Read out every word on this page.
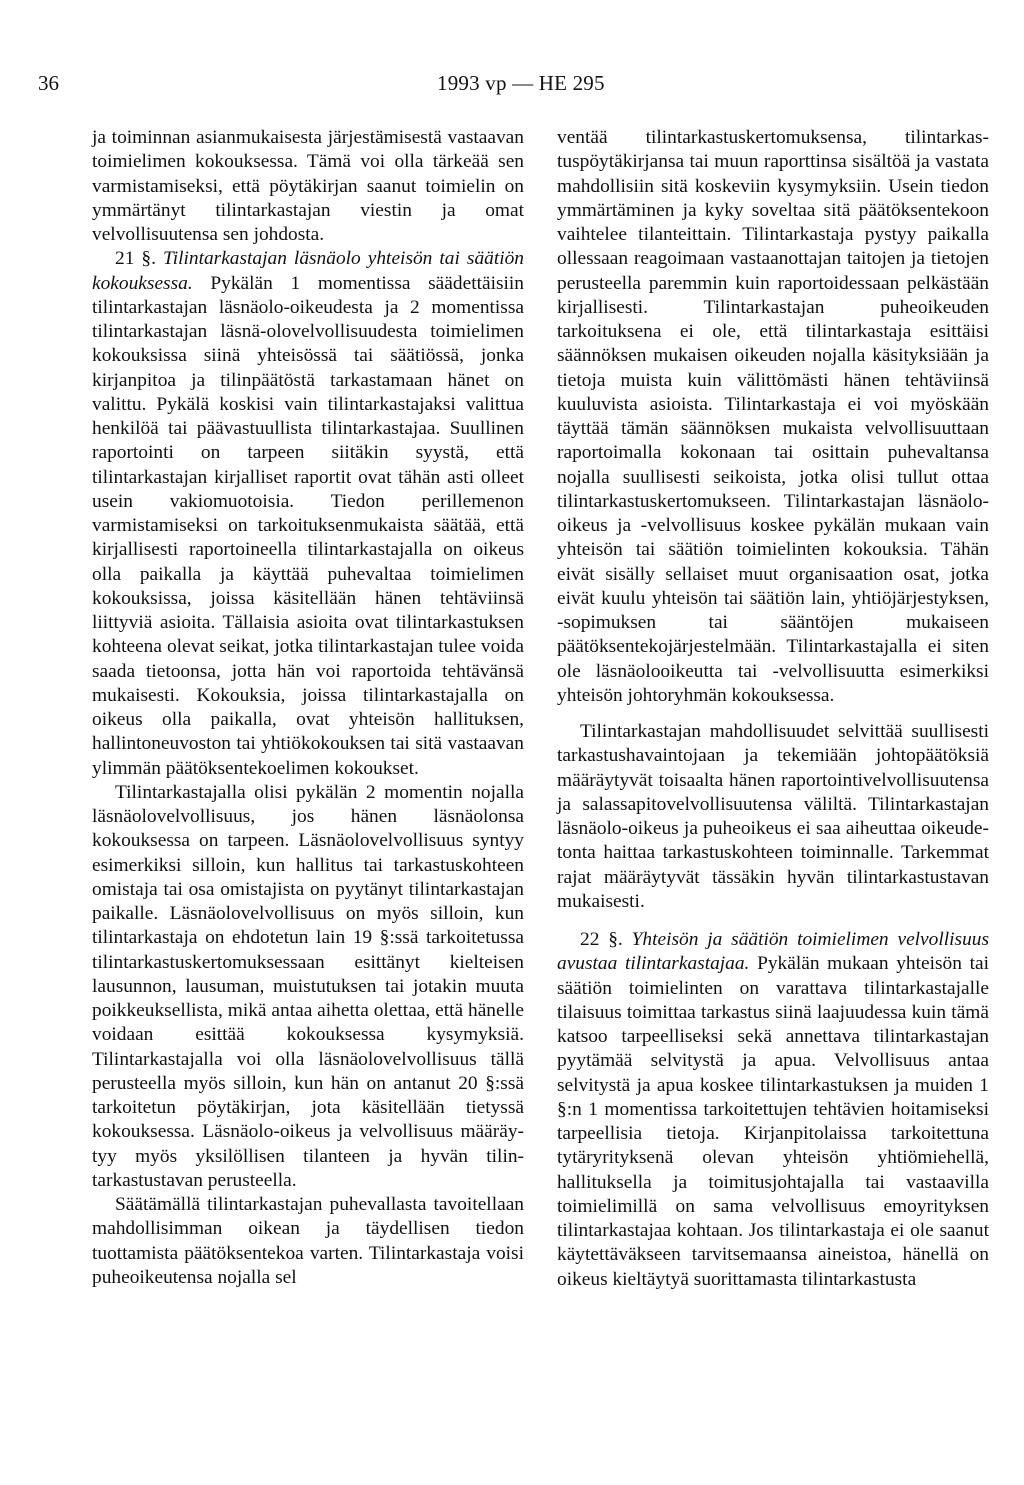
36	1993 vp — HE 295

ja toiminnan asianmukaisesta järjestämisestä vastaavan toimielimen kokouksessa. Tämä voi olla tärkeää sen varmistamiseksi, että pöytäkirjan saanut toimielin on ymmärtänyt tilintarkastajan viestin ja omat velvollisuutensa sen johdosta.

21 §. Tilintarkastajan läsnäolo yhteisön tai säätiön kokouksessa. Pykälän 1 momentissa säädettäisiin tilintarkastajan läsnäolo-oikeudesta ja 2 momentissa tilintarkastajan läsnä-olovelvollisuudesta toimielimen kokouksissa siinä yhteisössä tai säätiössä, jonka kirjanpitoa ja tilinpäätöstä tarkastamaan hänet on valittu. Pykälä koskisi vain tilintarkastajaksi valittua henkilöä tai päävastuullista tilintarkastajaa. Suullinen raportointi on tarpeen siitäkin syystä, että tilintarkastajan kirjalliset raportit ovat tähän asti olleet usein vakiomuotoisia. Tiedon perillemenon varmistamiseksi on tarkoituksenmukaista säätää, että kirjallisesti raportoineella tilintarkastajalla on oikeus olla paikalla ja käyttää puhevaltaa toimielimen kokouksissa, joissa käsitellään hänen tehtäviinsä liittyviä asioita. Tällaisia asioita ovat tilintarkastuksen kohteena olevat seikat, jotka tilintarkastajan tulee voida saada tietoonsa, jotta hän voi raportoida tehtävänsä mukaisesti. Kokouksia, joissa tilintarkastajalla on oikeus olla paikalla, ovat yhteisön hallituksen, hallintoneuvoston tai yhtiökokouksen tai sitä vastaavan ylimmän päätöksentekoelimen kokoukset.

Tilintarkastajalla olisi pykälän 2 momentin nojalla läsnäolovelvollisuus, jos hänen läsnäolonsa kokouksessa on tarpeen. Läsnäolovelvollisuus syntyy esimerkiksi silloin, kun hallitus tai tarkastuskohteen omistaja tai osa omistajista on pyytänyt tilintarkastajan paikalle. Läsnäolovelvollisuus on myös silloin, kun tilintarkastaja on ehdotetun lain 19 §:ssä tarkoitetussa tilintarkastuskertomuksessaan esittänyt kielteisen lausunnon, lausuman, muistutuksen tai jotakin muuta poikkeuksellista, mikä antaa aihetta olettaa, että hänelle voidaan esittää kokouksessa kysymyksiä. Tilintarkastajalla voi olla läsnäolovelvollisuus tällä perusteella myös silloin, kun hän on antanut 20 §:ssä tarkoitetun pöytäkirjan, jota käsitellään tietyssä kokouksessa. Läsnäolo-oikeus ja velvollisuus määräytyy myös yksilöllisen tilanteen ja hyvän tilintarkastustavan perusteella.

Säätämällä tilintarkastajan puhevallasta tavoitellaan mahdollisimman oikean ja täydellisen tiedon tuottamista päätöksentekoa varten. Tilintarkastaja voisi puheoikeutensa nojalla sel

ventää tilintarkastuskertomuksensa, tilintarkastuspöytäkirjansa tai muun raporttinsa sisältöä ja vastata mahdollisiin sitä koskeviin kysymyksiin. Usein tiedon ymmärtäminen ja kyky soveltaa sitä päätöksentekoon vaihtelee tilanteittain. Tilintarkastaja pystyy paikalla ollessaan reagoimaan vastaanottajan taitojen ja tietojen perusteella paremmin kuin raportoidessaan pelkästään kirjallisesti. Tilintarkastajan puheoikeuden tarkoituksena ei ole, että tilintarkastaja esittäisi säännöksen mukaisen oikeuden nojalla käsityksiään ja tietoja muista kuin välittömästi hänen tehtäviinsä kuuluvista asioista. Tilintarkastaja ei voi myöskään täyttää tämän säännöksen mukaista velvollisuuttaan raportoimalla kokonaan tai osittain puhevaltansa nojalla suullisesti seikoista, jotka olisi tullut ottaa tilintarkastuskertomukseen. Tilintarkastajan läsnäolo-oikeus ja -velvollisuus koskee pykälän mukaan vain yhteisön tai säätiön toimielinten kokouksia. Tähän eivät sisälly sellaiset muut organisaation osat, jotka eivät kuulu yhteisön tai säätiön lain, yhtiöjärjestyksen, -sopimuksen tai sääntöjen mukaiseen päätöksentekojärjestelmään. Tilintarkastajalla ei siten ole läsnäolooikeutta tai -velvollisuutta esimerkiksi yhteisön johtoryhmän kokouksessa.

Tilintarkastajan mahdollisuudet selvittää suullisesti tarkastushavaintojaan ja tekemiään johtopäätöksiä määräytyvät toisaalta hänen raportointivelvollisuutensa ja salassapitovelvollisuutensa väliltä. Tilintarkastajan läsnäolo-oikeus ja puheoikeus ei saa aiheuttaa oikeudetonta haittaa tarkastuskohteen toiminnalle. Tarkemmat rajat määräytyvät tässäkin hyvän tilintarkastustavan mukaisesti.

22 §. Yhteisön ja säätiön toimielimen velvollisuus avustaa tilintarkastajaa. Pykälän mukaan yhteisön tai säätiön toimielinten on varattava tilintarkastajalle tilaisuus toimittaa tarkastus siinä laajuudessa kuin tämä katsoo tarpeelliseksi sekä annettava tilintarkastajan pyytämää selvitystä ja apua. Velvollisuus antaa selvitystä ja apua koskee tilintarkastuksen ja muiden 1 §:n 1 momentissa tarkoitettujen tehtävien hoitamiseksi tarpeellisia tietoja. Kirjanpitolaissa tarkoitettuna tytäryrityksenä olevan yhteisön yhtiömiehellä, hallituksella ja toimitusjohtajalla tai vastaavilla toimielimillä on sama velvollisuus emoyrityksen tilintarkastajaa kohtaan. Jos tilintarkastaja ei ole saanut käytettäväkseen tarvitsemaansa aineistoa, hänellä on oikeus kieltäytyä suorittamasta tilintarkastusta
